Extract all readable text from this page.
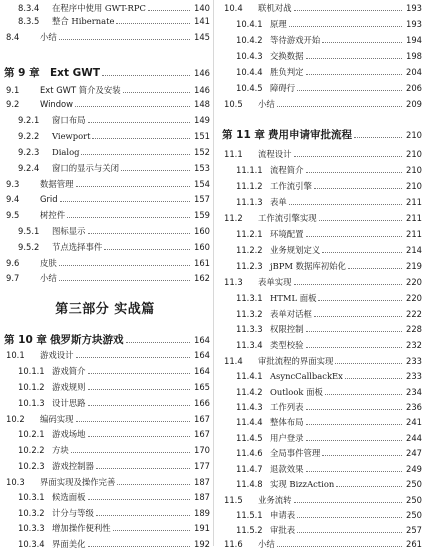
8.3.4	在程序中使用 GWT-RPC	140
8.3.5	整合 Hibernate	141
8.4	小结	145
第 9 章 Ext GWT	146
9.1	Ext GWT 简介及安装	146
9.2	Window	148
9.2.1	窗口布局	149
9.2.2	Viewport	151
9.2.3	Dialog	152
9.2.4	窗口的显示与关闭	153
9.3	数据管理	154
9.4	Grid	157
9.5	树控件	159
9.5.1	图标显示	160
9.5.2	节点选择事件	160
9.6	皮肤	161
9.7	小结	162
第三部分 实战篇
第 10 章 俄罗斯方块游戏	164
10.1	游戏设计	164
10.1.1 游戏简介	164
10.1.2 游戏规则	165
10.1.3 设计思路	166
10.2	编码实现	167
10.2.1 游戏场地	167
10.2.2 方块	170
10.2.3 游戏控制器	177
10.3	界面实现及操作完善	187
10.3.1 候选面板	187
10.3.2 计分与等级	189
10.3.3 增加操作便利性	191
10.3.4 界面美化	192
10.4	联机对战	193
10.4.1 原理	193
10.4.2 等待游戏开始	194
10.4.3 交换数据	198
10.4.4 胜负判定	204
10.4.5 障碍行	206
10.5	小结	209
第 11 章 费用申请审批流程	210
11.1	流程设计	210
11.1.1 流程简介	210
11.1.2 工作流引擎	210
11.1.3 表单	211
11.2	工作流引擎实现	211
11.2.1 环境配置	211
11.2.2 业务规划定义	214
11.2.3 jBPM 数据库初始化	219
11.3	表单实现	220
11.3.1 HTML 面板	220
11.3.2 表单对话框	222
11.3.3 权限控制	228
11.3.4 类型校验	232
11.4	审批流程的界面实现	233
11.4.1 AsyncCallbackEx	233
11.4.2 Outlook 面板	234
11.4.3 工作列表	236
11.4.4 整体布局	241
11.4.5 用户登录	244
11.4.6 全局事件管理	247
11.4.7 退款效果	249
11.4.8 实现 BizzAction	250
11.5	业务流转	250
11.5.1 申请表	250
11.5.2 审批表	257
11.6	小结	261
